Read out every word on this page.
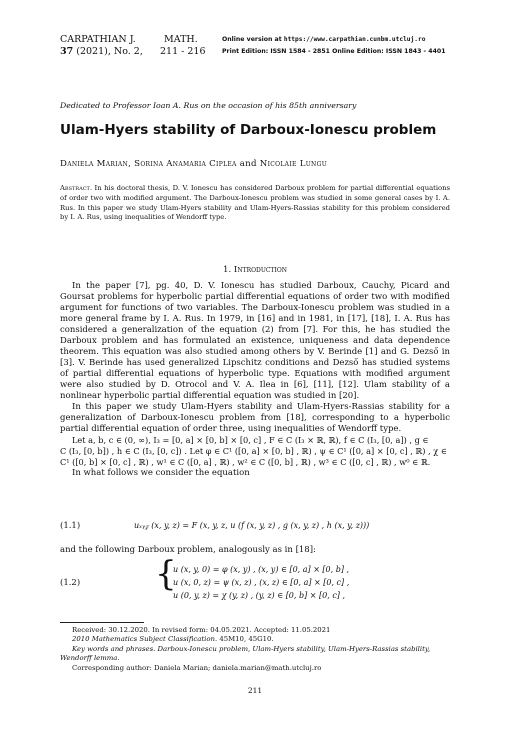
CARPATHIAN J.
37 (2021), No. 2,
MATH.
211 - 216
Online version at https://www.carpathian.cunbm.utcluj.ro
Print Edition: ISSN 1584 - 2851 Online Edition: ISSN 1843 - 4401
Dedicated to Professor Ioan A. Rus on the occasion of his 85th anniversary
Ulam-Hyers stability of Darboux-Ionescu problem
Daniela Marian, Sorina Anamaria Ciplea and Nicolaie Lungu
Abstract. In his doctoral thesis, D. V. Ionescu has considered Darboux problem for partial differential equations of order two with modified argument. The Darboux-Ionescu problem was studied in some general cases by I. A. Rus. In this paper we study Ulam-Hyers stability and Ulam-Hyers-Rassias stability for this problem considered by I. A. Rus, using inequalities of Wendorff type.
1. Introduction

In the paper [7], pg. 40, D. V. Ionescu has studied Darboux, Cauchy, Picard and Goursat problems for hyperbolic partial differential equations of order two with modified argument for functions of two variables. The Darboux-Ionescu problem was studied in a more general frame by I. A. Rus. In 1979, in [16] and in 1981, in [17], [18], I. A. Rus has considered a generalization of the equation (2) from [7]. For this, he has studied the Darboux problem and has formulated an existence, uniqueness and data dependence theorem. This equation was also studied among others by V. Berinde [1] and G. Dezső in [3]. V. Berinde has used generalized Lipschitz conditions and Dezső has studied systems of partial differential equations of hyperbolic type. Equations with modified argument were also studied by D. Otrocol and V. A. Ilea in [6], [11], [12]. Ulam stability of a nonlinear hyperbolic partial differential equation was studied in [20].

In this paper we study Ulam-Hyers stability and Ulam-Hyers-Rassias stability for a generalization of Darboux-Ionescu problem from [18], corresponding to a hyperbolic partial differential equation of order three, using inequalities of Wendorff type.

Let a, b, c ∈ (0, ∞), I₃ = [0, a] × [0, b] × [0, c] , F ∈ C (I₃ × ℝ, ℝ), f ∈ C (I₃, [0, a]) , g ∈

C (I₃, [0, b]) , h ∈ C (I₃, [0, c]) . Let φ ∈ C¹ ([0, a] × [0, b] , ℝ) , ψ ∈ C¹ ([0, a] × [0, c] , ℝ) , χ ∈

C¹ ([0, b] × [0, c] , ℝ) , w¹ ∈ C ([0, a] , ℝ) , w² ∈ C ([0, b] , ℝ) , w³ ∈ C ([0, c] , ℝ) , w⁰ ∈ ℝ.

In what follows we consider the equation

(1.1)	uₓᵧ𝓏 (x, y, z) = F (x, y, z, u (f (x, y, z) , g (x, y, z) , h (x, y, z)))
and the following Darboux problem, analogously as in [18]:
(1.2) {
u (x, y, 0) = φ (x, y) , (x, y) ∈ [0, a] × [0, b] ,
u (x, 0, z) = ψ (x, z) , (x, z) ∈ [0, a] × [0, c] ,
u (0, y, z) = χ (y, z) , (y, z) ∈ [0, b] × [0, c] ,
Received: 30.12.2020. In revised form: 04.05.2021. Accepted: 11.05.2021
2010 Mathematics Subject Classification. 45M10, 45G10.
Key words and phrases. Darboux-Ionescu problem, Ulam-Hyers stability, Ulam-Hyers-Rassias stability, Wendorff lemma.
Corresponding author: Daniela Marian; daniela.marian@math.utcluj.ro
211
